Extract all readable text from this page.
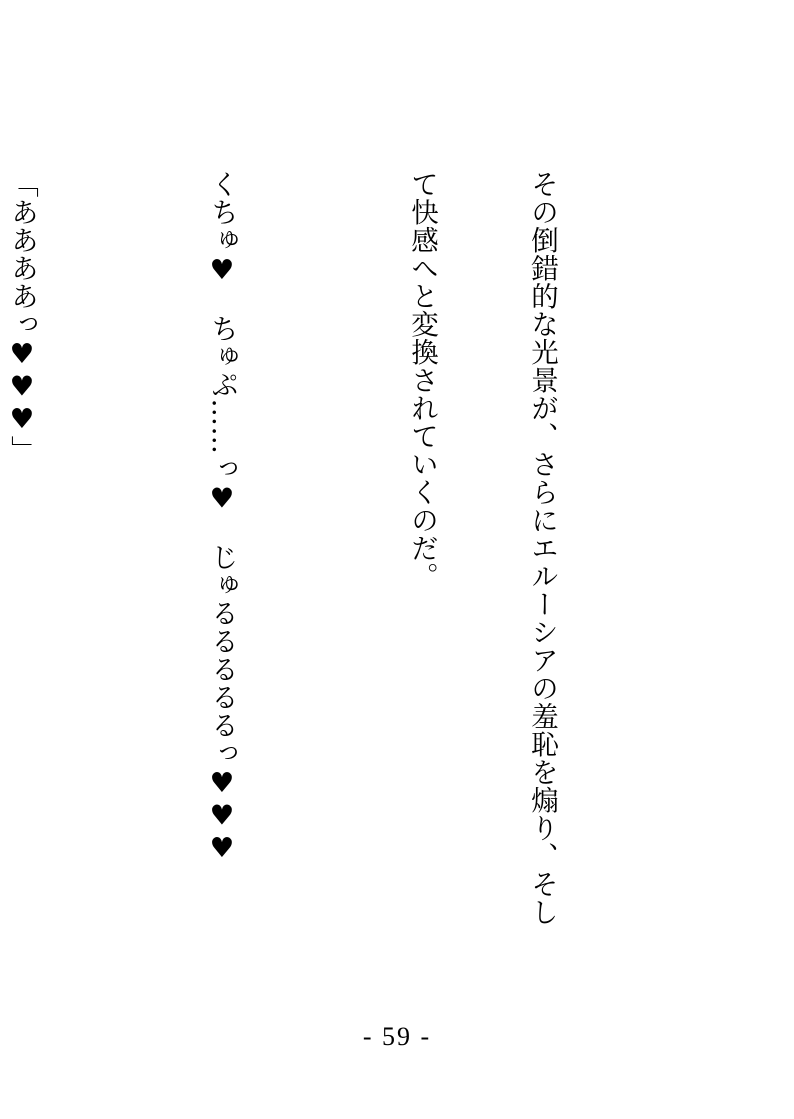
その倒錯的な光景が、さらにエルーシアの羞恥を煽り、そし

て快感へと変換されていくのだ。

くちゅ♥　ちゅぷ……っ♥　じゅるるるるるっ♥♥♥

「ああああっ♥♥♥」

- 59 -
